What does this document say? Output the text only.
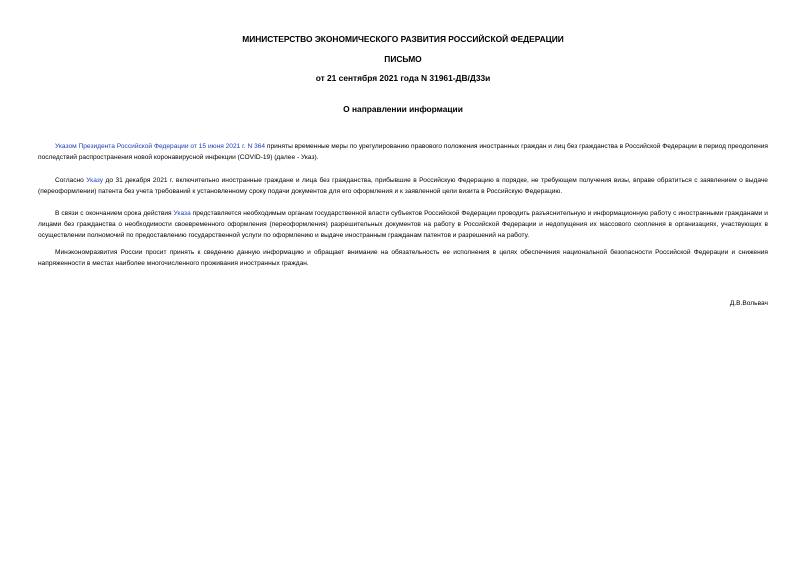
МИНИСТЕРСТВО ЭКОНОМИЧЕСКОГО РАЗВИТИЯ РОССИЙСКОЙ ФЕДЕРАЦИИ
ПИСЬМО
от 21 сентября 2021 года N 31961-ДВ/Д33и
О направлении информации

Указом Президента Российской Федерации от 15 июня 2021 г. N 364 приняты временные меры по урегулированию правового положения иностранных граждан и лиц без гражданства в Российской Федерации в период преодоления последствий распространения новой коронавирусной инфекции (COVID-19) (далее - Указ).

Согласно Указу до 31 декабря 2021 г. включительно иностранные граждане и лица без гражданства, прибывшие в Российскую Федерацию в порядке, не требующем получения визы, вправе обратиться с заявлением о выдаче (переоформлении) патента без учета требований к установленному сроку подачи документов для его оформления и к заявленной цели визита в Российскую Федерацию.

В связи с окончанием срока действия Указа представляется необходимым органам государственной власти субъектов Российской Федерации проводить разъяснительную и информационную работу с иностранными гражданами и лицами без гражданства о необходимости своевременного оформления (переоформления) разрешительных документов на работу в Российской Федерации и недопущения их массового скопления в организациях, участвующих в осуществлении полномочий по предоставлению государственной услуги по оформлению и выдаче иностранным гражданам патентов и разрешений на работу.

Минэкономразвития России просит принять к сведению данную информацию и обращает внимание на обязательность ее исполнения в целях обеспечения национальной безопасности Российской Федерации и снижения напряженности в местах наиболее многочисленного проживания иностранных граждан.

Д.В.Вольвач
